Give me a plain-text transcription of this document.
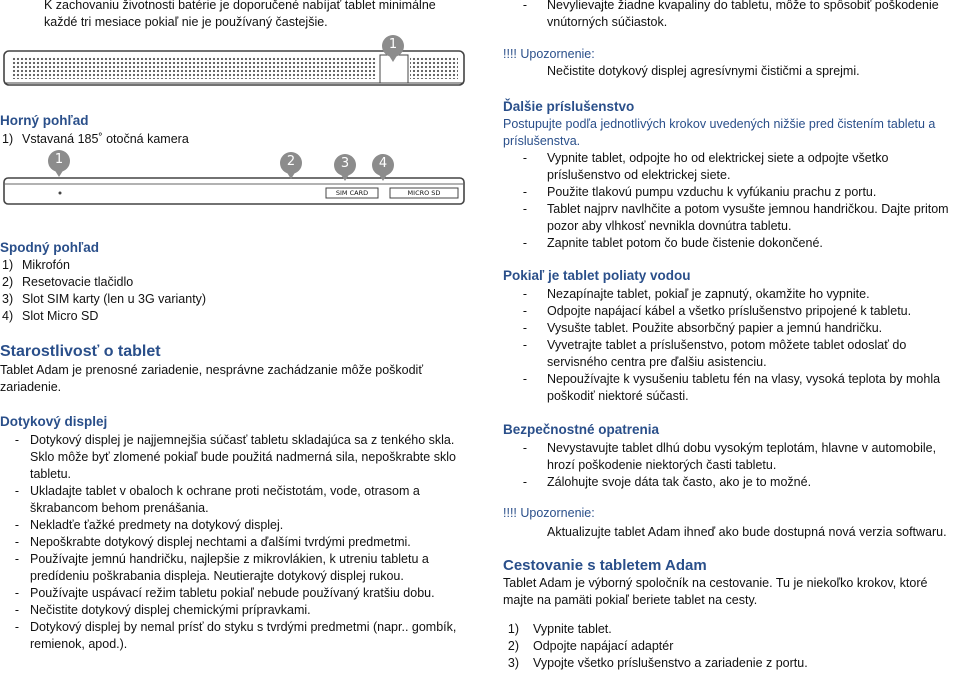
K zachovaniu životnosti batérie je doporučené nabíjať tablet minimálne každé tri mesiace pokiaľ nie je používaný častejšie.
1
Horný pohľad
1) Vstavaná 185˚ otočná kamera
SIM CARD	MICRO SD
1	2	3	4
Spodný pohľad
1) Mikrofón
2) Resetovacie tlačidlo
3) Slot SIM karty (len u 3G varianty)
4) Slot Micro SD
Starostlivosť o tablet
Tablet Adam je prenosné zariadenie, nesprávne zachádzanie môže poškodiť zariadenie.
Dotykový displej
- Dotykový displej je najjemnejšia súčasť tabletu skladajúca sa z tenkého skla. Sklo môže byť zlomené pokiaľ bude použitá nadmerná sila, nepoškrabte sklo tabletu.
- Ukladajte tablet v obaloch k ochrane proti nečistotám, vode, otrasom a škrabancom behom prenášania.
- Nekladťe ťažké predmety na dotykový displej.
- Nepoškrabte dotykový displej nechtami a ďalšími tvrdými predmetmi.
- Používajte jemnú handričku, najlepšie z mikrovlákien, k utreniu tabletu a predídeniu poškrabania displeja. Neutierajte dotykový displej rukou.
- Používajte uspávací režim tabletu pokiaľ nebude používaný kratšiu dobu.
- Nečistite dotykový displej chemickými prípravkami.
- Dotykový displej by nemal prísť do styku s tvrdými predmetmi (napr.. gombík, remienok, apod.).
-	Nevylievajte žiadne kvapaliny do tabletu, môže to spôsobiť poškodenie vnútorných súčiastok.
!!!! Upozornenie:
Nečistite dotykový displej agresívnymi čističmi a sprejmi.
Ďalšie príslušenstvo
Postupujte podľa jednotlivých krokov uvedených nižšie pred čistením tabletu a príslušenstva.
-	Vypnite tablet, odpojte ho od elektrickej siete a odpojte všetko príslušenstvo od elektrickej siete.
-	Použite tlakovú pumpu vzduchu k vyfúkaniu prachu z portu.
-	Tablet najprv navlhčite a potom vysušte jemnou handričkou. Dajte pritom pozor aby vlhkosť nevnikla dovnútra tabletu.
-	Zapnite tablet potom čo bude čistenie dokončené.
Pokiaľ je tablet poliaty vodou
-	Nezapínajte tablet, pokiaľ je zapnutý, okamžite ho vypnite.
-	Odpojte napájací kábel a všetko príslušenstvo pripojené k tabletu.
-	Vysušte tablet. Použite absorbčný papier a jemnú handričku.
-	Vyvetrajte tablet a príslušenstvo, potom môžete tablet odoslať do servisného centra pre ďalšiu asistenciu.
-	Nepoužívajte k vysušeniu tabletu fén na vlasy, vysoká teplota by mohla poškodiť niektoré súčasti.
Bezpečnostné opatrenia
-	Nevystavujte tablet dlhú dobu vysokým teplotám, hlavne v automobile, hrozí poškodenie niektorých časti tabletu.
-	Zálohujte svoje dáta tak často, ako je to možné.
!!!! Upozornenie:
Aktualizujte tablet Adam ihneď ako bude dostupná nová verzia softwaru.
Cestovanie s tabletem Adam
Tablet Adam je výborný spoločník na cestovanie. Tu je niekoľko krokov, ktoré majte na pamäti pokiaľ beriete tablet na cesty.
1)	Vypnite tablet.
2)	Odpojte napájací adaptér
3)	Vypojte všetko príslušenstvo a zariadenie z portu.
